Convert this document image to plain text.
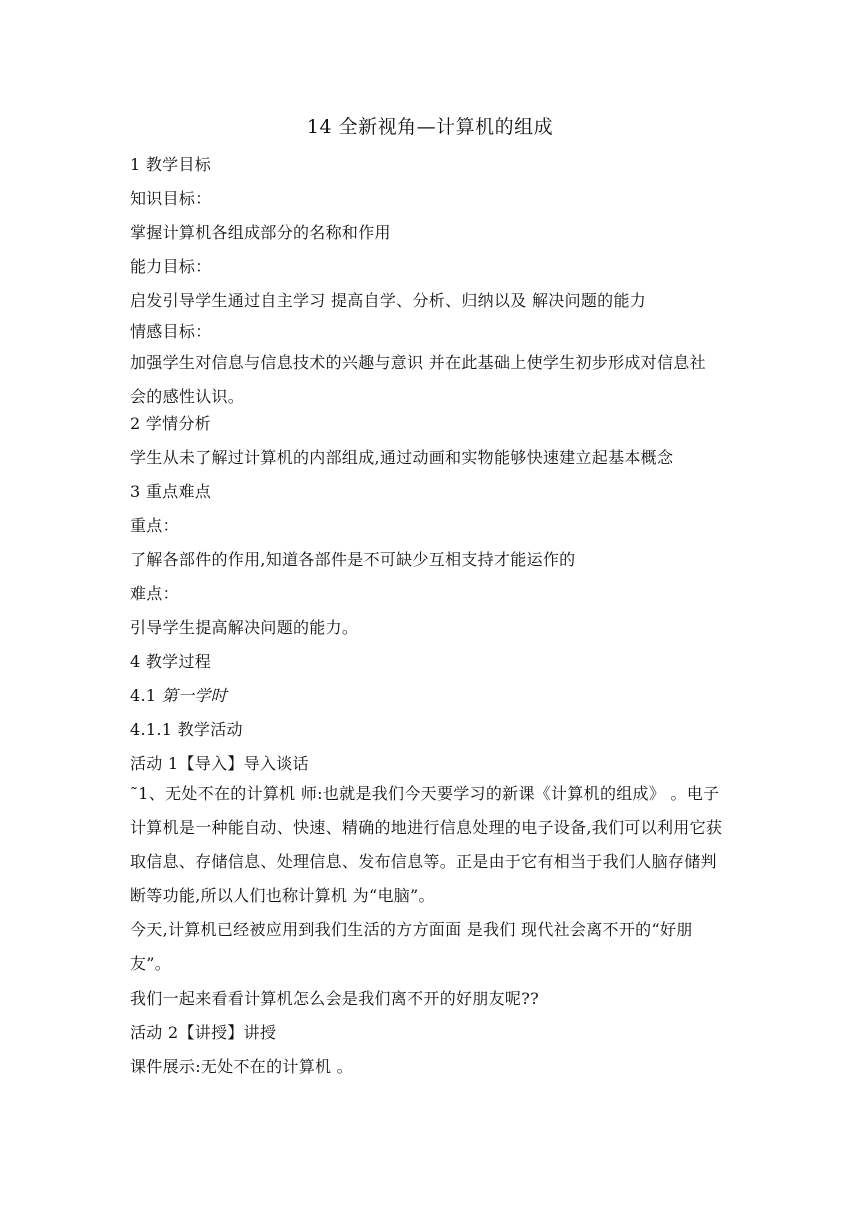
14 全新视角—计算机的组成
1 教学目标
知识目标：
掌握计算机各组成部分的名称和作用
能力目标：
启发引导学生通过自主学习 提高自学、分析、归纳以及 解决问题的能力
情感目标：
加强学生对信息与信息技术的兴趣与意识 并在此基础上使学生初步形成对信息社会的感性认识。
2 学情分析
学生从未了解过计算机的内部组成,通过动画和实物能够快速建立起基本概念
3 重点难点
重点：
了解各部件的作用,知道各部件是不可缺少互相支持才能运作的
难点：
引导学生提高解决问题的能力。
4 教学过程
4.1 第一学时
4.1.1 教学活动
活动 1【导入】导入谈话
˜1、无处不在的计算机 师:也就是我们今天要学习的新课《计算机的组成》 。电子计算机是一种能自动、快速、精确的地进行信息处理的电子设备,我们可以利用它获取信息、存储信息、处理信息、发布信息等。正是由于它有相当于我们人脑存储判断等功能,所以人们也称计算机 为“电脑”。
今天,计算机已经被应用到我们生活的方方面面 是我们 现代社会离不开的“好朋 友”。
我们一起来看看计算机怎么会是我们离不开的好朋友呢??
活动 2【讲授】讲授
课件展示:无处不在的计算机 。
